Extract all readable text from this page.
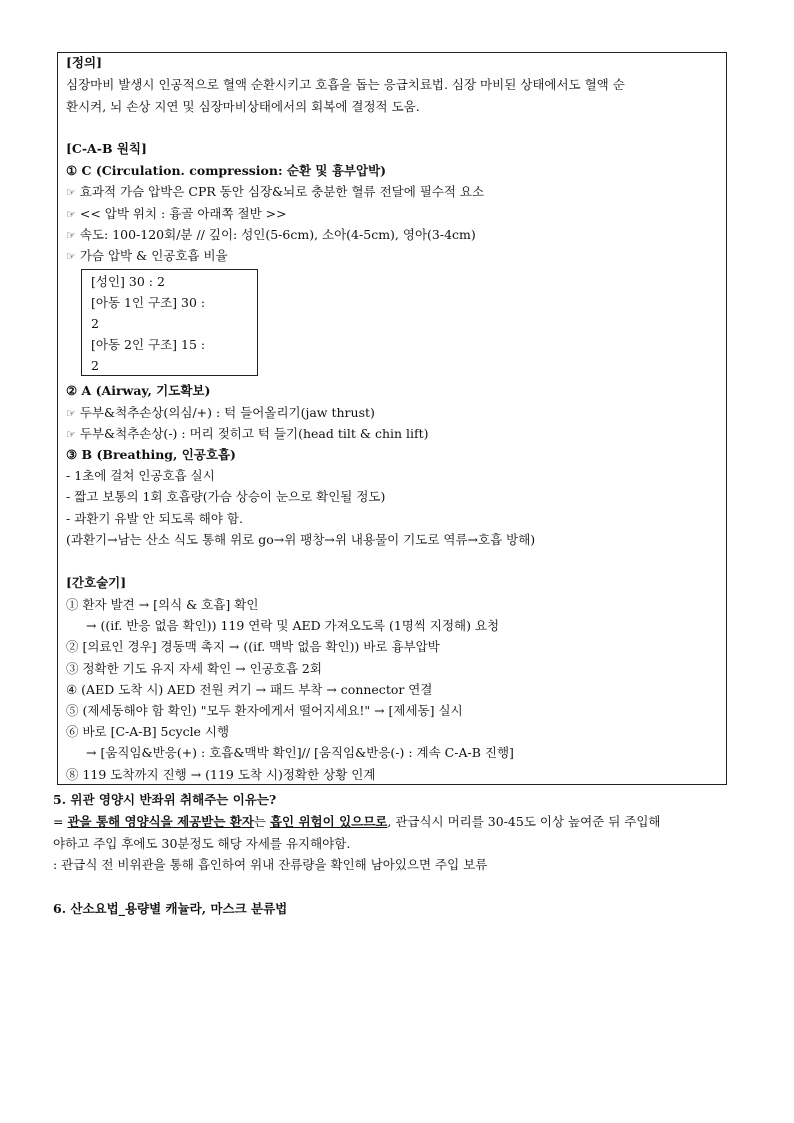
[정의]
심장마비 발생시 인공적으로 혈액 순환시키고 호흡을 돕는 응급치료법. 심장 마비된 상태에서도 혈액 순
환시켜, 뇌 손상 지연 및 심장마비상태에서의 회복에 결정적 도움.
[C-A-B 원칙]
① C (Circulation. compression: 순환 및 흉부압박)
☞ 효과적 가슴 압박은 CPR 동안 심장&뇌로 충분한 혈류 전달에 필수적 요소
☞ << 압박 위치 : 흉골 아래쪽 절반 >>
☞ 속도: 100-120회/분 // 깊이: 성인(5-6cm), 소아(4-5cm), 영아(3-4cm)
☞ 가슴 압박 & 인공호흡 비율
[성인] 30 : 2
[아동 1인 구조] 30 :
2
[아동 2인 구조] 15 :
2
② A (Airway, 기도확보)
☞ 두부&척추손상(의심/+) : 턱 들어올리기(jaw thrust)
☞ 두부&척추손상(-) : 머리 젖히고 턱 들기(head tilt & chin lift)
③ B (Breathing, 인공호흡)
- 1초에 걸쳐 인공호흡 실시
- 짧고 보통의 1회 호흡량(가슴 상승이 눈으로 확인될 정도)
- 과환기 유발 안 되도록 해야 함.
(과환기→남는 산소 식도 통해 위로 go→위 팽창→위 내용물이 기도로 역류→호흡 방해)
[간호술기]
① 환자 발견 → [의식 & 호흡] 확인
→ ((if. 반응 없음 확인)) 119 연락 및 AED 가져오도록 (1명씩 지정해) 요청
② [의료인 경우] 경동맥 촉지 → ((if. 맥박 없음 확인)) 바로 흉부압박
③ 정확한 기도 유지 자세 확인 → 인공호흡 2회
④ (AED 도착 시) AED 전원 켜기 → 패드 부착 → connector 연결
⑤ (제세동해야 함 확인) "모두 환자에게서 떨어지세요!" → [제세동] 실시
⑥ 바로 [C-A-B] 5cycle 시행
→ [움직임&반응(+) : 호흡&맥박 확인]// [움직임&반응(-) : 계속 C-A-B 진행]
⑧ 119 도착까지 진행 → (119 도착 시)정확한 상황 인계
5. 위관 영양시 반좌위 취해주는 이유는?
= 관을 통해 영양식을 제공받는 환자는 흡인 위험이 있으므로, 관급식시 머리를 30-45도 이상 높여준 뒤 주입해
야하고 주입 후에도 30분정도 해당 자세를 유지해야함.
: 관급식 전 비위관을 통해 흡인하여 위내 잔류량을 확인해 남아있으면 주입 보류
6. 산소요법_용량별 캐뉼라, 마스크 분류법
